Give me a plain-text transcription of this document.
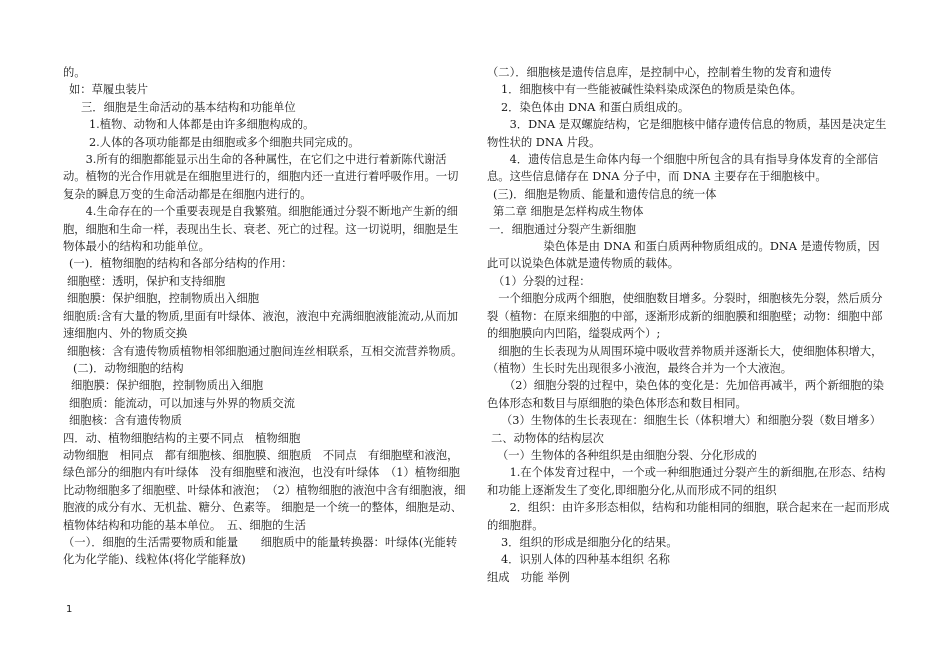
的。

如：草履虫装片

三．细胞是生命活动的基本结构和功能单位

1.植物、动物和人体都是由许多细胞构成的。

2.人体的各项功能都是由细胞或多个细胞共同完成的。

　　3.所有的细胞都能显示出生命的各种属性，在它们之中进行着新陈代谢活动。植物的光合作用就是在细胞里进行的，细胞内还一直进行着呼吸作用。一切复杂的瞬息万变的生命活动都是在细胞内进行的。

　　4.生命存在的一个重要表现是自我繁殖。细胞能通过分裂不断地产生新的细胞，细胞和生命一样，表现出生长、衰老、死亡的过程。这一切说明，细胞是生物体最小的结构和功能单位。

(一)．植物细胞的结构和各部分结构的作用：

细胞壁：透明，保护和支持细胞

细胞膜：保护细胞，控制物质出入细胞

细胞质:含有大量的物质,里面有叶绿体、液泡，液泡中充满细胞液能流动,从而加速细胞内、外的物质交换

细胞核：含有遗传物质植物相邻细胞通过胞间连丝相联系，互相交流营养物质。

(二)．动物细胞的结构

细胞膜：保护细胞，控制物质出入细胞

细胞质：能流动，可以加速与外界的物质交流

细胞核：含有遗传物质

四．动、植物细胞结构的主要不同点　植物细胞

动物细胞　相同点　都有细胞核、细胞膜、细胞质　不同点　有细胞壁和液泡，绿色部分的细胞内有叶绿体　没有细胞壁和液泡，也没有叶绿体　（1）植物细胞比动物细胞多了细胞壁、叶绿体和液泡；　（2）植物细胞的液泡中含有细胞液，细胞液的成分有水、无机盐、糖分、色素等。 细胞是一个统一的整体，细胞是动、植物体结构和功能的基本单位。　五、细胞的生活

（一）．细胞的生活需要物质和能量　　细胞质中的能量转换器：叶绿体(光能转化为化学能)、线粒体(将化学能释放)

（二）．细胞核是遗传信息库，是控制中心，控制着生物的发育和遗传

1．细胞核中有一些能被碱性染料染成深色的物质是染色体。

2．染色体由 DNA 和蛋白质组成的。

　　3．DNA 是双螺旋结构，它是细胞核中储存遗传信息的物质，基因是决定生物性状的 DNA 片段。

　　4．遗传信息是生命体内每一个细胞中所包含的具有指导身体发育的全部信息。这些信息储存在 DNA 分子中，而 DNA 主要存在于细胞核中。

(三)．细胞是物质、能量和遗传信息的统一体

第二章 细胞是怎样构成生物体

一．细胞通过分裂产生新细胞

　　　　　染色体是由 DNA 和蛋白质两种物质组成的。DNA 是遗传物质，因此可以说染色体就是遗传物质的载体。

（1）分裂的过程：

　一个细胞分成两个细胞，使细胞数目增多。分裂时，细胞核先分裂，然后质分裂（植物：在原来细胞的中部，逐渐形成新的细胞膜和细胞壁；动物：细胞中部的细胞膜向内凹陷，缢裂成两个）;

　细胞的生长表现为从周围环境中吸收营养物质并逐渐长大，使细胞体积增大，（植物）生长时先出现很多小液泡，最终合并为一个大液泡。

　　（2）细胞分裂的过程中，染色体的变化是：先加倍再减半，两个新细胞的染色体形态和数目与原细胞的染色体形态和数目相同。

（3）生物体的生长表现在：细胞生长（体积增大）和细胞分裂（数目增多）

二、动物体的结构层次

（一）生物体的各种组织是由细胞分裂、分化形成的

　　1.在个体发育过程中，一个或一种细胞通过分裂产生的新细胞,在形态、结构和功能上逐渐发生了变化,即细胞分化,从而形成不同的组织

　　2．组织：由许多形态相似，结构和功能相同的细胞，联合起来在一起而形成的细胞群。

3．组织的形成是细胞分化的结果。

4．识别人体的四种基本组织 名称

组成　功能 举例

1
